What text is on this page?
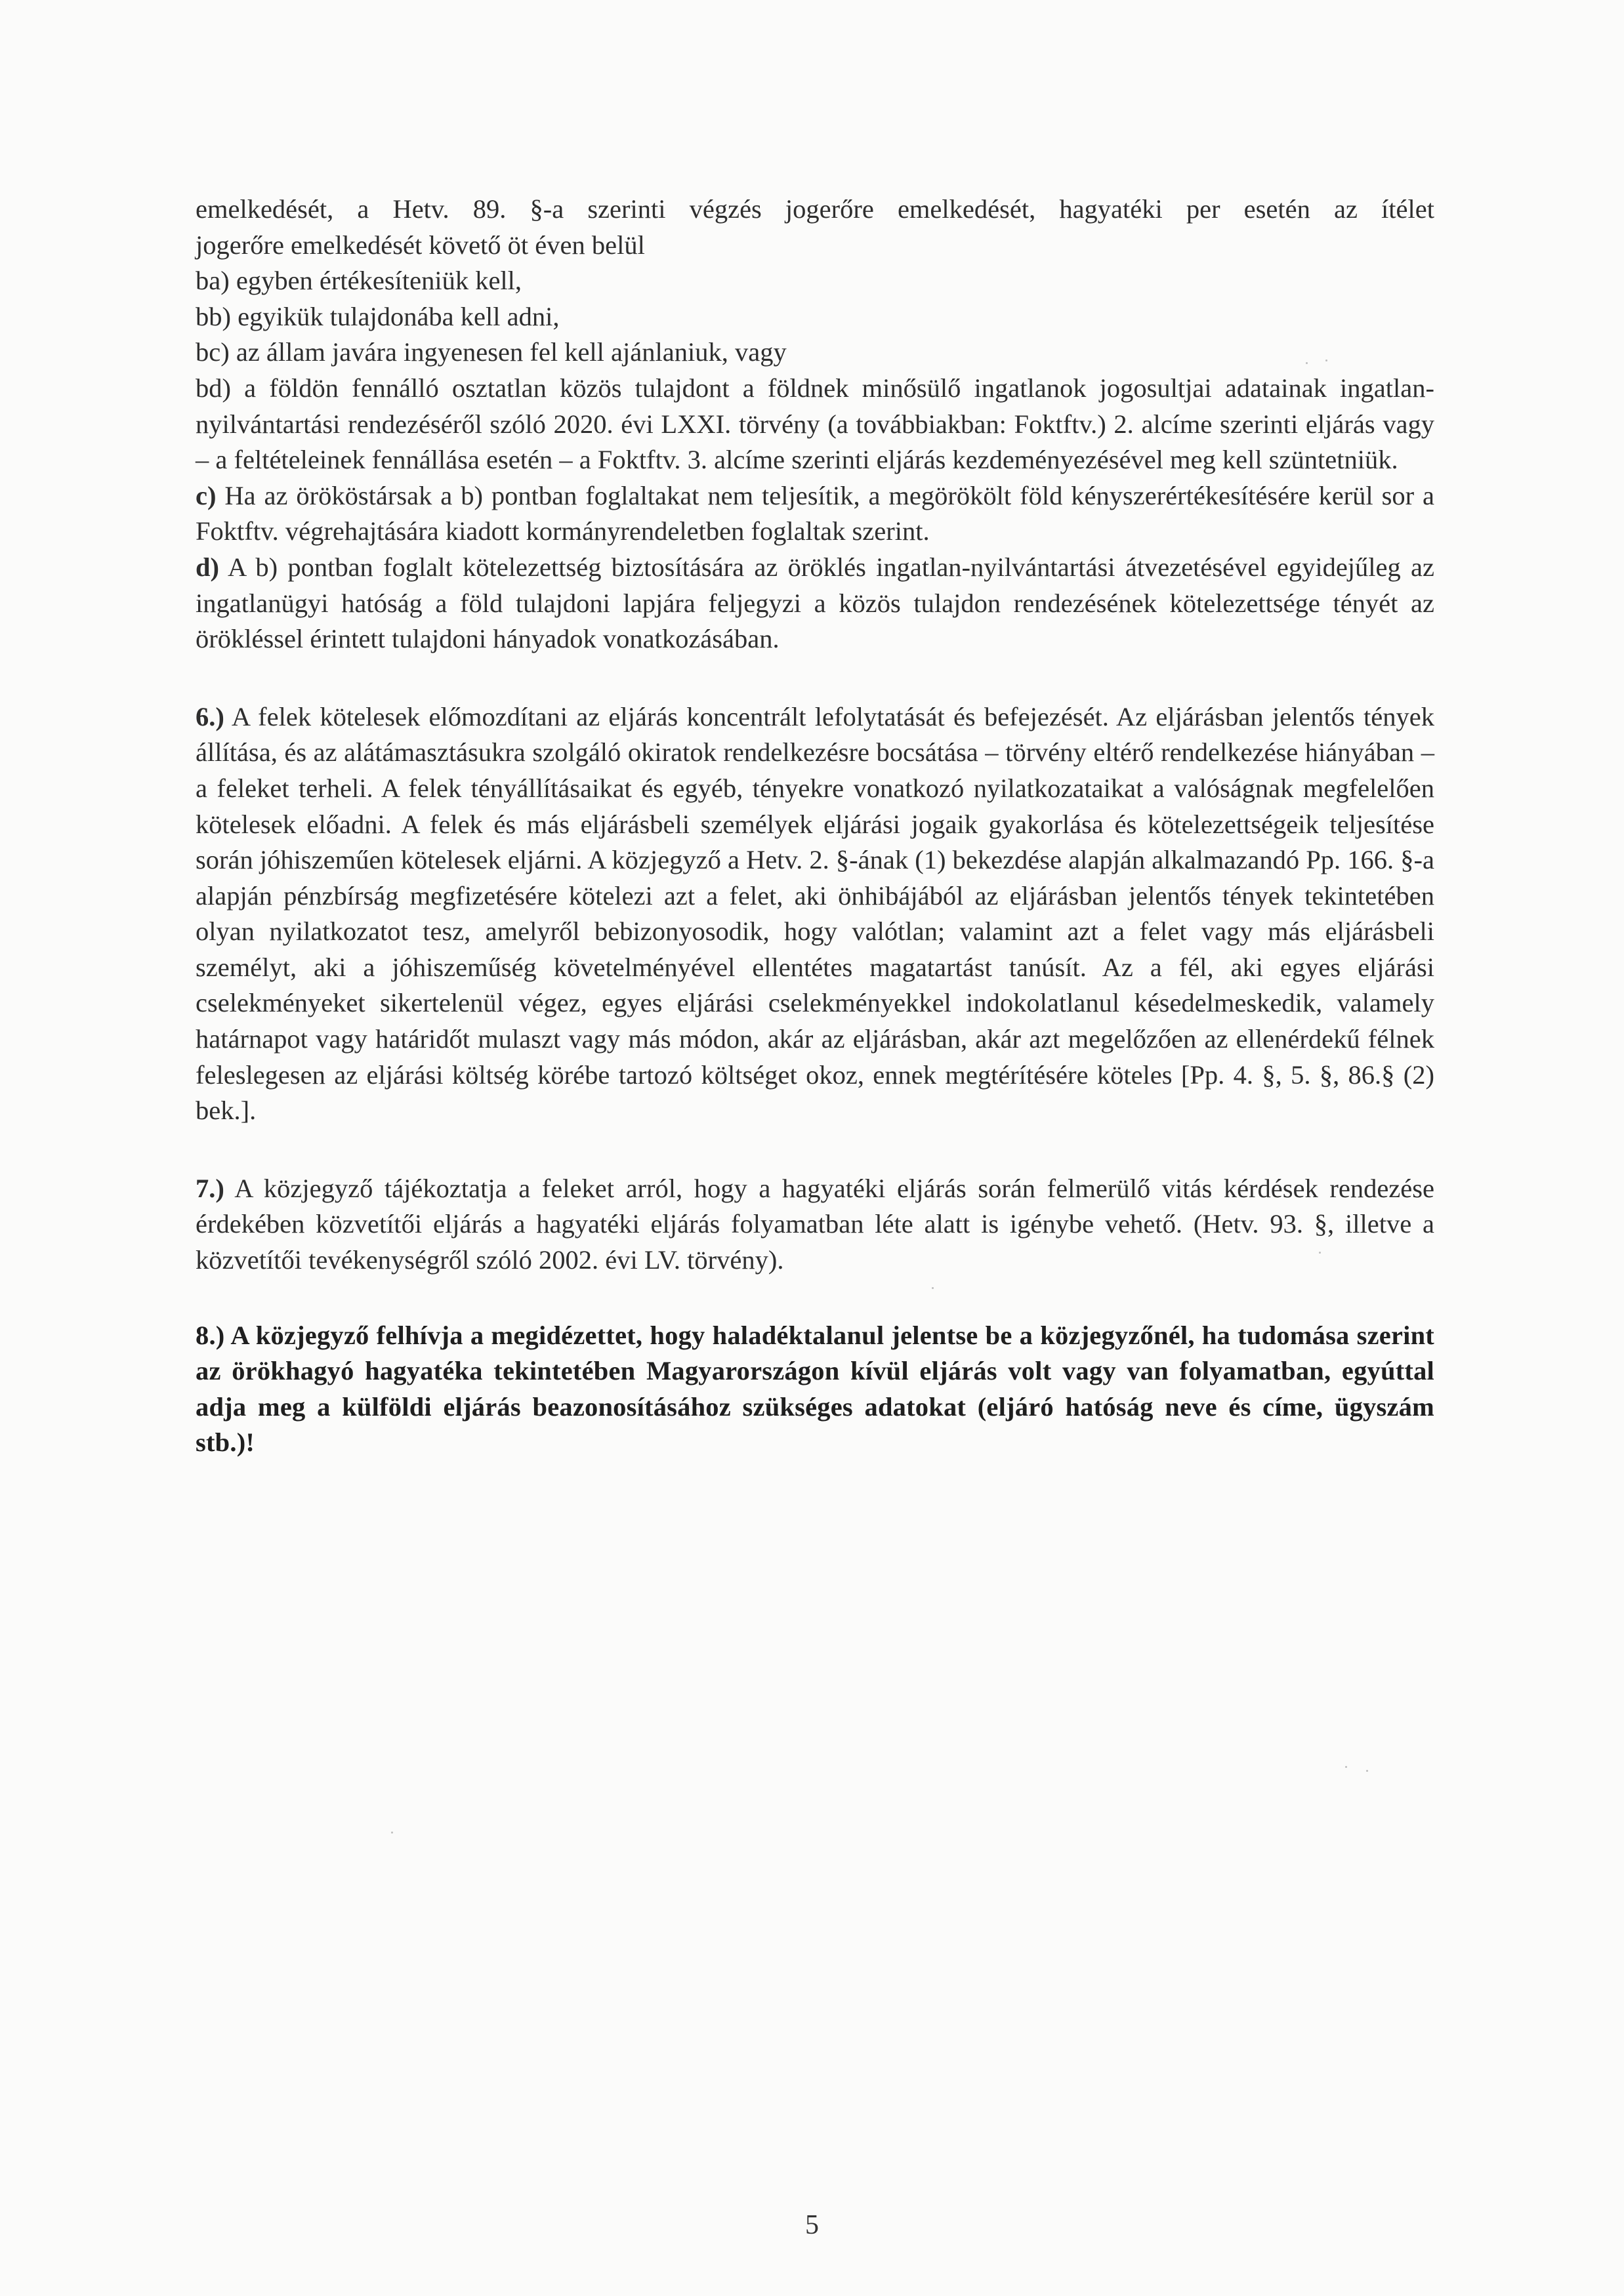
emelkedését, a Hetv. 89. §-a szerinti végzés jogerőre emelkedését, hagyatéki per esetén az ítélet

jogerőre emelkedését követő öt éven belül

ba) egyben értékesíteniük kell,

bb) egyikük tulajdonába kell adni,

bc) az állam javára ingyenesen fel kell ajánlaniuk, vagy

bd) a földön fennálló osztatlan közös tulajdont a földnek minősülő ingatlanok jogosultjai adatainak ingatlan-nyilvántartási rendezéséről szóló 2020. évi LXXI. törvény (a továbbiakban: Foktftv.) 2. alcíme szerinti eljárás vagy – a feltételeinek fennállása esetén – a Foktftv. 3. alcíme szerinti eljárás kezdeményezésével meg kell szüntetniük.

c) Ha az örököstársak a b) pontban foglaltakat nem teljesítik, a megörökölt föld kényszerértékesítésére kerül sor a Foktftv. végrehajtására kiadott kormányrendeletben foglaltak szerint.

d) A b) pontban foglalt kötelezettség biztosítására az öröklés ingatlan-nyilvántartási átvezetésével egyidejűleg az ingatlanügyi hatóság a föld tulajdoni lapjára feljegyzi a közös tulajdon rendezésének kötelezettsége tényét az örökléssel érintett tulajdoni hányadok vonatkozásában.

6.) A felek kötelesek előmozdítani az eljárás koncentrált lefolytatását és befejezését. Az eljárásban jelentős tények állítása, és az alátámasztásukra szolgáló okiratok rendelkezésre bocsátása – törvény eltérő rendelkezése hiányában – a feleket terheli. A felek tényállításaikat és egyéb, tényekre vonatkozó nyilatkozataikat a valóságnak megfelelően kötelesek előadni. A felek és más eljárásbeli személyek eljárási jogaik gyakorlása és kötelezettségeik teljesítése során jóhiszeműen kötelesek eljárni. A közjegyző a Hetv. 2. §-ának (1) bekezdése alapján alkalmazandó Pp. 166. §-a alapján pénzbírság megfizetésére kötelezi azt a felet, aki önhibájából az eljárásban jelentős tények tekintetében olyan nyilatkozatot tesz, amelyről bebizonyosodik, hogy valótlan; valamint azt a felet vagy más eljárásbeli személyt, aki a jóhiszeműség követelményével ellentétes magatartást tanúsít. Az a fél, aki egyes eljárási cselekményeket sikertelenül végez, egyes eljárási cselekményekkel indokolatlanul késedelmeskedik, valamely határnapot vagy határidőt mulaszt vagy más módon, akár az eljárásban, akár azt megelőzően az ellenérdekű félnek feleslegesen az eljárási költség körébe tartozó költséget okoz, ennek megtérítésére köteles [Pp. 4. §, 5. §, 86.§ (2) bek.].

7.) A közjegyző tájékoztatja a feleket arról, hogy a hagyatéki eljárás során felmerülő vitás kérdések rendezése érdekében közvetítői eljárás a hagyatéki eljárás folyamatban léte alatt is igénybe vehető. (Hetv. 93. §, illetve a közvetítői tevékenységről szóló 2002. évi LV. törvény).

8.) A közjegyző felhívja a megidézettet, hogy haladéktalanul jelentse be a közjegyzőnél, ha tudomása szerint az örökhagyó hagyatéka tekintetében Magyarországon kívül eljárás volt vagy van folyamatban, egyúttal adja meg a külföldi eljárás beazonosításához szükséges adatokat (eljáró hatóság neve és címe, ügyszám stb.)!

5
